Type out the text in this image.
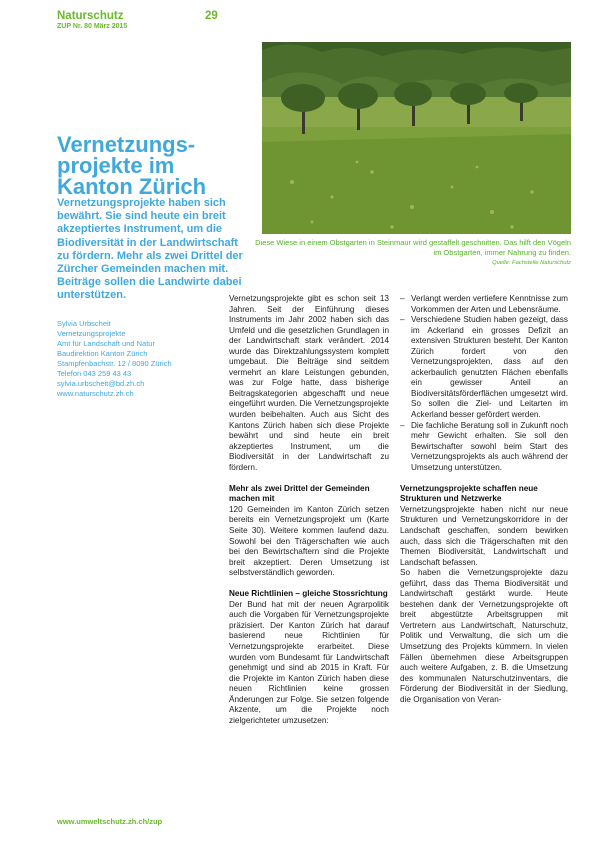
Naturschutz
ZUP Nr. 80 März 2015
29
Diese Wiese in einem Obstgarten in Steinmaur wird gestaffelt geschnitten. Das hilft den Vögeln im Obstgarten, immer Nahrung zu finden.
Quelle: Fachstelle Naturschutz
Vernetzungs-projekte im Kanton Zürich

Vernetzungsprojekte haben sich bewährt. Sie sind heute ein breit akzeptiertes Instrument, um die Biodiversität in der Landwirtschaft zu fördern. Mehr als zwei Drittel der Zürcher Gemeinden machen mit. Beiträge sollen die Landwirte dabei unterstützen.

Sylvia Urbscheit
Vernetzungsprojekte
Amt für Landschaft und Natur
Baudirektion Kanton Zürich
Stampfenbachstr. 12 / 8090 Zürich
Telefon 043 259 43 43
sylvia.urbscheit@bd.zh.ch
www.naturschutz.zh.ch

Vernetzungsprojekte gibt es schon seit 13 Jahren. Seit der Einführung dieses Instruments im Jahr 2002 haben sich das Umfeld und die gesetzlichen Grundlagen in der Landwirtschaft stark verändert. 2014 wurde das Direktzahlungssystem komplett umgebaut. Die Beiträge sind seitdem vermehrt an klare Leistungen gebunden, was zur Folge hatte, dass bisherige Beitragskategorien abgeschafft und neue eingeführt wurden. Die Vernetzungsprojekte wurden beibehalten. Auch aus Sicht des Kantons Zürich haben sich diese Projekte bewährt und sind heute ein breit akzeptiertes Instrument, um die Biodiversität in der Landwirtschaft zu fördern.

Mehr als zwei Drittel der Gemeinden machen mit

120 Gemeinden im Kanton Zürich setzen bereits ein Vernetzungsprojekt um (Karte Seite 30). Weitere kommen laufend dazu. Sowohl bei den Trägerschaften wie auch bei den Bewirtschaftern sind die Projekte breit akzeptiert. Deren Umsetzung ist selbstverständlich geworden.

Neue Richtlinien – gleiche Stossrichtung

Der Bund hat mit der neuen Agrarpolitik auch die Vorgaben für Vernetzungsprojekte präzisiert. Der Kanton Zürich hat darauf basierend neue Richtlinien für Vernetzungsprojekte erarbeitet. Diese wurden vom Bundesamt für Landwirtschaft genehmigt und sind ab 2015 in Kraft. Für die Projekte im Kanton Zürich haben diese neuen Richtlinien keine grossen Änderungen zur Folge. Sie setzen folgende Akzente, um die Projekte noch zielgerichteter umzusetzen:

– Verlangt werden vertiefere Kenntnisse zum Vorkommen der Arten und Lebensräume.
– Verschiedene Studien haben gezeigt, dass im Ackerland ein grosses Defizit an extensiven Strukturen besteht. Der Kanton Zürich fordert von den Vernetzungsprojekten, dass auf den ackerbaulich genutzten Flächen ebenfalls ein gewisser Anteil an Biodiversitätsförderflächen umgesetzt wird. So sollen die Ziel- und Leitarten im Ackerland besser gefördert werden.
– Die fachliche Beratung soll in Zukunft noch mehr Gewicht erhalten. Sie soll den Bewirtschafter sowohl beim Start des Vernetzungsprojekts als auch während der Umsetzung unterstützen.
Vernetzungsprojekte schaffen neue Strukturen und Netzwerke

Vernetzungsprojekte haben nicht nur neue Strukturen und Vernetzungskorridore in der Landschaft geschaffen, sondern bewirken auch, dass sich die Trägerschaften mit den Themen Biodiversität, Landwirtschaft und Landschaft befassen.

So haben die Vernetzungsprojekte dazu geführt, dass das Thema Biodiversität und Landwirtschaft gestärkt wurde. Heute bestehen dank der Vernetzungsprojekte oft breit abgestützte Arbeitsgruppen mit Vertretern aus Landwirtschaft, Naturschutz, Politik und Verwaltung, die sich um die Umsetzung des Projekts kümmern. In vielen Fällen übernehmen diese Arbeitsgruppen auch weitere Aufgaben, z. B. die Umsetzung des kommunalen Naturschutzinventars, die Förderung der Biodiversität in der Siedlung, die Organisation von Veran-

www.umweltschutz.zh.ch/zup
